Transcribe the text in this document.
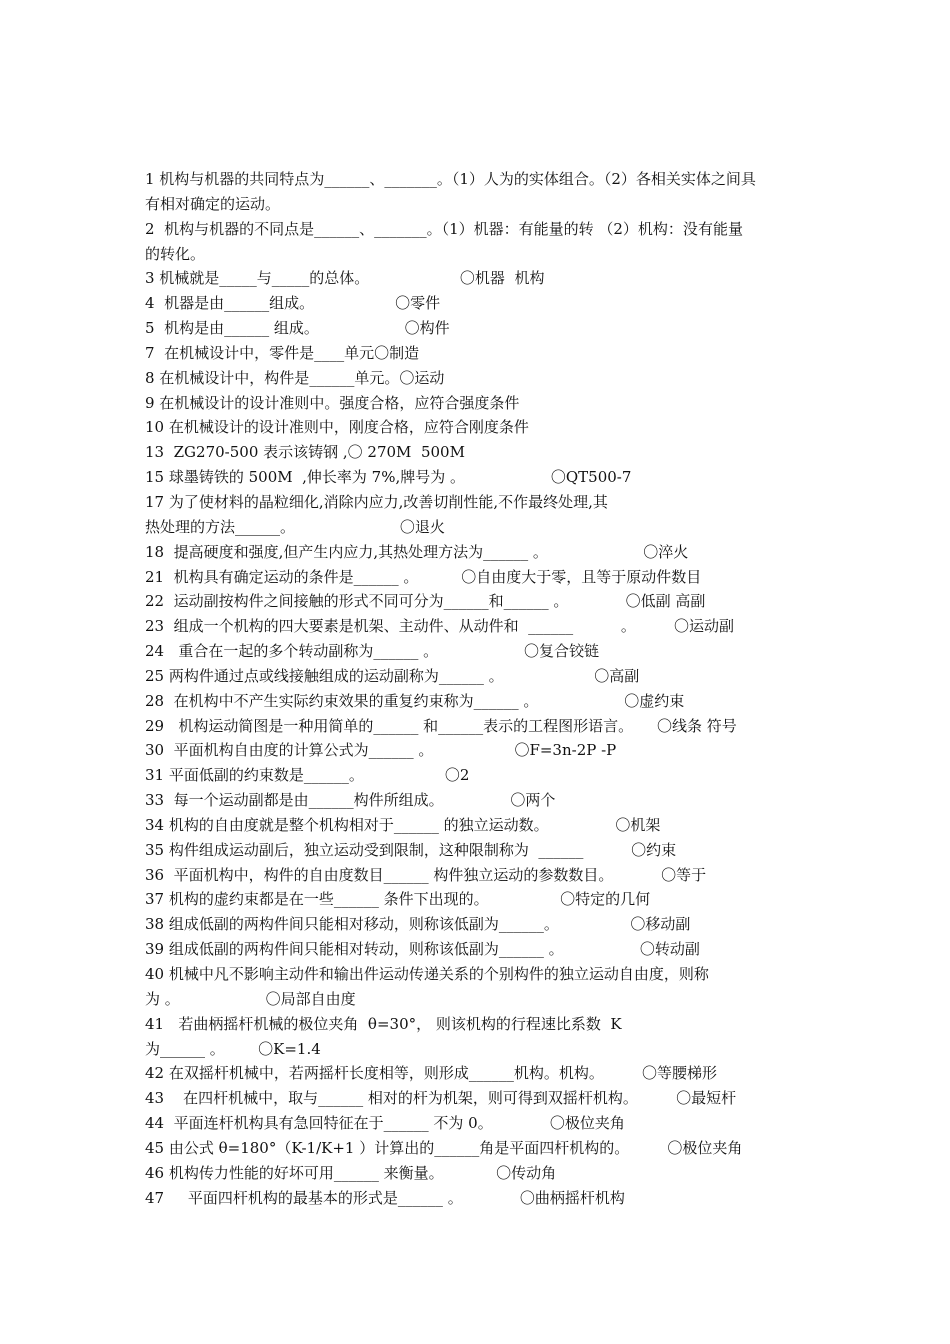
1 机构与机器的共同特点为______、_______。（1）人为的实体组合。（2）各相关实体之间具
有相对确定的运动。
2  机构与机器的不同点是______、_______。（1）机器：有能量的转 （2）机构：没有能量
的转化。
3 机械就是_____与_____的总体。                   〇机器  机构
4  机器是由______组成。                 〇零件
5  机构是由______ 组成。                  〇构件
7  在机械设计中，零件是____单元〇制造
8 在机械设计中，构件是______单元。〇运动
9 在机械设计的设计准则中。强度合格，应符合强度条件
10 在机械设计的设计准则中，刚度合格，应符合刚度条件
13  ZG270-500 表示该铸钢 ,〇 270M  500M
15 球墨铸铁的 500M  ,伸长率为 7%,牌号为 。                  〇QT500-7
17 为了使材料的晶粒细化,消除内应力,改善切削性能,不作最终处理,其
热处理的方法______。                      〇退火
18  提高硬度和强度,但产生内应力,其热处理方法为______ 。                    〇淬火
21  机构具有确定运动的条件是______ 。         〇自由度大于零，且等于原动件数目
22  运动副按构件之间接触的形式不同可分为______和______ 。            〇低副 高副
23  组成一个机构的四大要素是机架、主动件、从动件和  ______          。        〇运动副
24   重合在一起的多个转动副称为______ 。                  〇复合铰链
25 两构件通过点或线接触组成的运动副称为______ 。                   〇高副
28  在机构中不产生实际约束效果的重复约束称为______ 。                  〇虚约束
29   机构运动简图是一种用简单的______ 和______表示的工程图形语言。     〇线条 符号
30  平面机构自由度的计算公式为______ 。                 〇F=3n-2P -P
31 平面低副的约束数是______。                 〇2
33  每一个运动副都是由______构件所组成。              〇两个
34 机构的自由度就是整个机构相对于______ 的独立运动数。              〇机架
35 构件组成运动副后，独立运动受到限制，这种限制称为  ______          〇约束
36  平面机构中，构件的自由度数目______ 构件独立运动的参数数目。          〇等于
37 机构的虚约束都是在一些______ 条件下出现的。               〇特定的几何
38 组成低副的两构件间只能相对移动，则称该低副为______。               〇移动副
39 组成低副的两构件间只能相对转动，则称该低副为______ 。                〇转动副
40 机械中凡不影响主动件和输出件运动传递关系的个别构件的独立运动自由度，则称
为 。                  〇局部自由度
41   若曲柄摇杆机械的极位夹角  θ=30°， 则该机构的行程速比系数  K
为______ 。       〇K=1.4
42 在双摇杆机械中，若两摇杆长度相等，则形成______机构。机构。        〇等腰梯形
43    在四杆机械中，取与______ 相对的杆为机架，则可得到双摇杆机构。        〇最短杆
44  平面连杆机构具有急回特征在于______ 不为 0。            〇极位夹角
45 由公式 θ=180°（K-1/K+1 ）计算出的______角是平面四杆机构的。        〇极位夹角
46 机构传力性能的好坏可用______ 来衡量。           〇传动角
47     平面四杆机构的最基本的形式是______ 。            〇曲柄摇杆机构
